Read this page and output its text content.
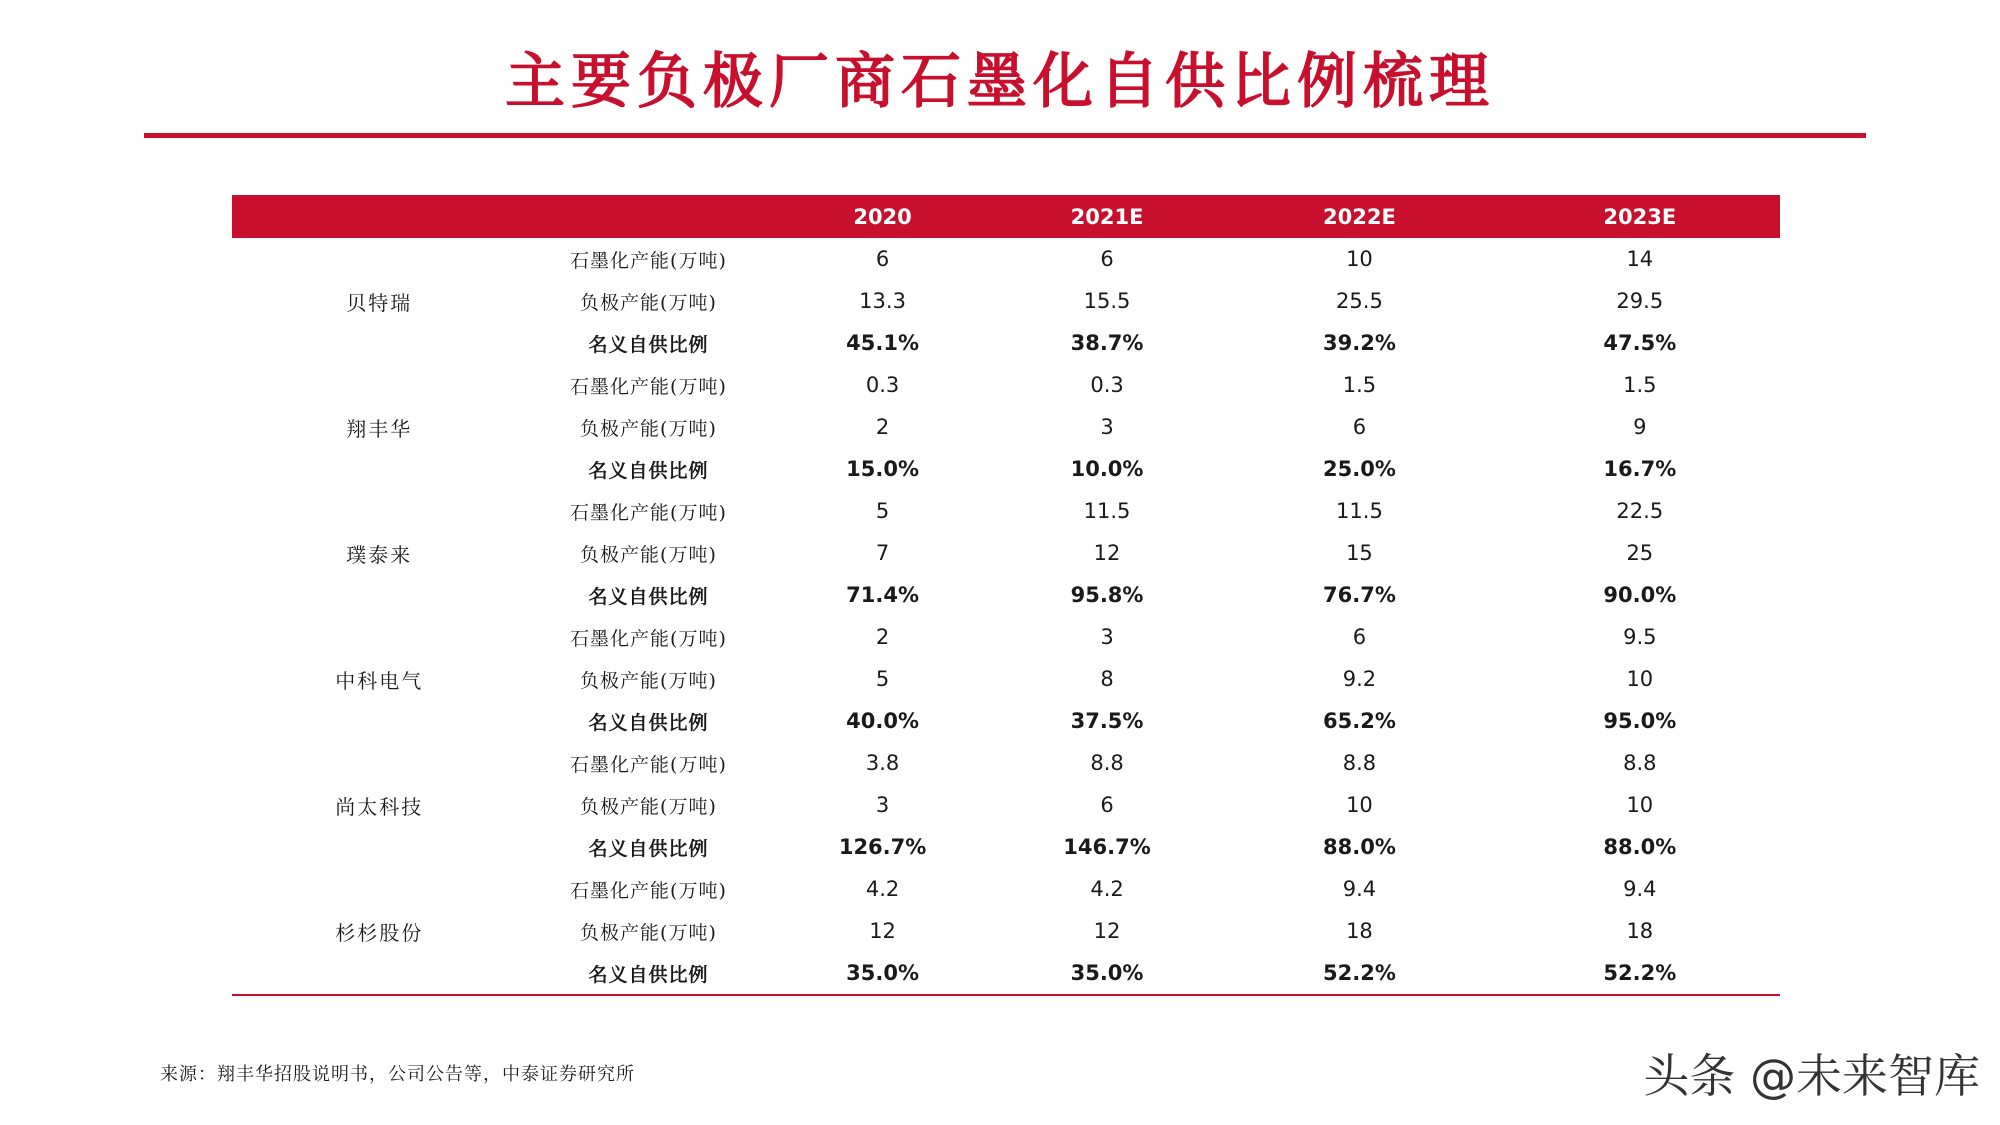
主要负极厂商石墨化自供比例梳理
		2020	2021E	2022E	2023E
贝特瑞	石墨化产能(万吨)	6	6	10	14
	负极产能(万吨)	13.3	15.5	25.5	29.5
	名义自供比例	45.1%	38.7%	39.2%	47.5%
翔丰华	石墨化产能(万吨)	0.3	0.3	1.5	1.5
	负极产能(万吨)	2	3	6	9
	名义自供比例	15.0%	10.0%	25.0%	16.7%
璞泰来	石墨化产能(万吨)	5	11.5	11.5	22.5
	负极产能(万吨)	7	12	15	25
	名义自供比例	71.4%	95.8%	76.7%	90.0%
中科电气	石墨化产能(万吨)	2	3	6	9.5
	负极产能(万吨)	5	8	9.2	10
	名义自供比例	40.0%	37.5%	65.2%	95.0%
尚太科技	石墨化产能(万吨)	3.8	8.8	8.8	8.8
	负极产能(万吨)	3	6	10	10
	名义自供比例	126.7%	146.7%	88.0%	88.0%
杉杉股份	石墨化产能(万吨)	4.2	4.2	9.4	9.4
	负极产能(万吨)	12	12	18	18
	名义自供比例	35.0%	35.0%	52.2%	52.2%
来源：翔丰华招股说明书，公司公告等，中泰证券研究所	头条 @未来智库
